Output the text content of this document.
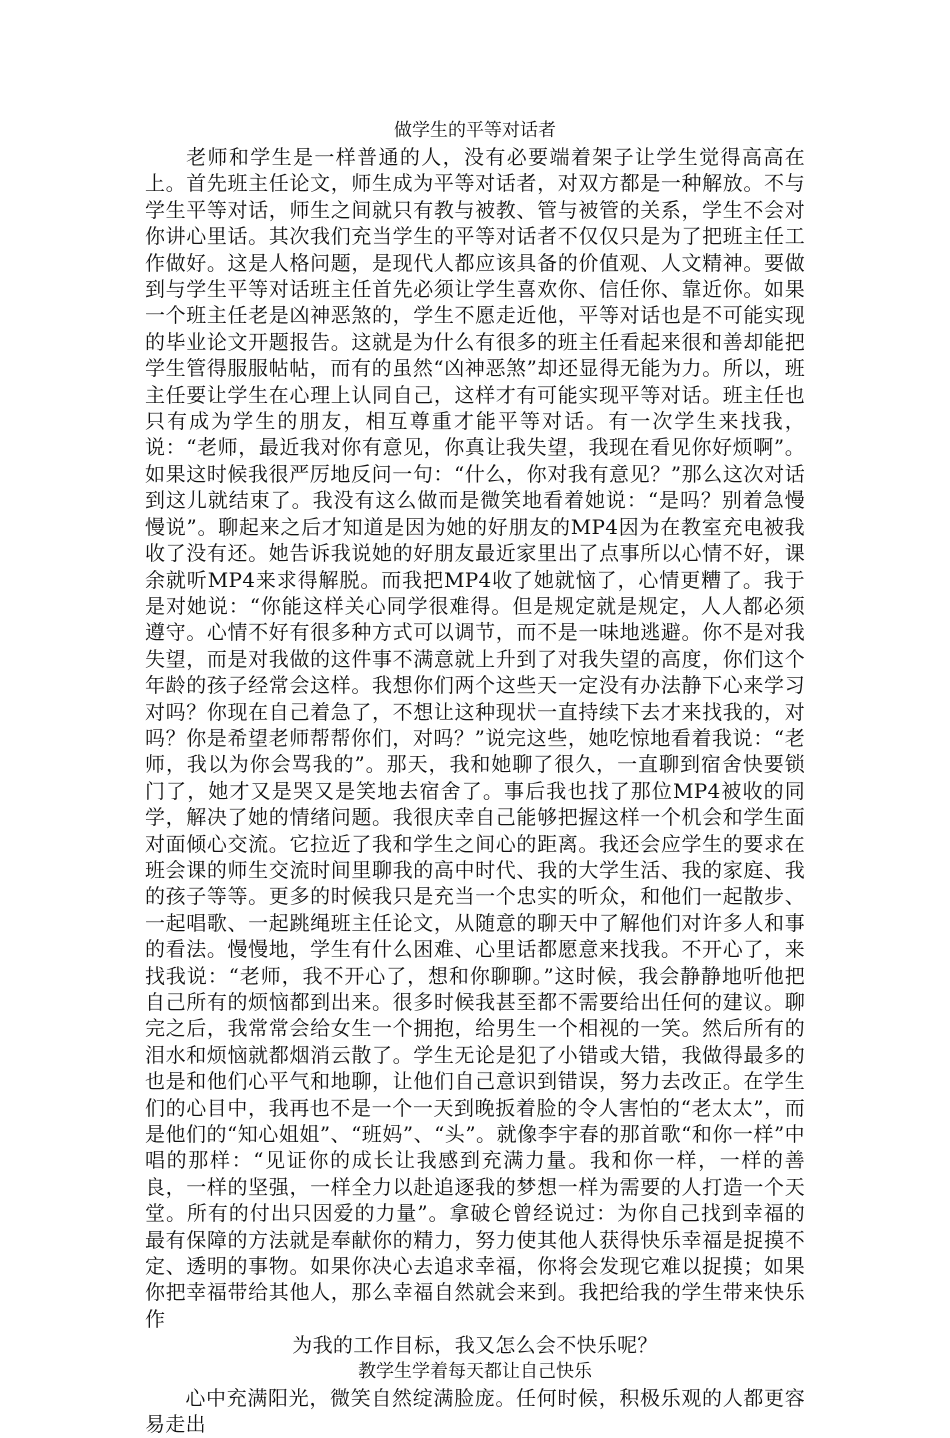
做学生的平等对话者

老师和学生是一样普通的人，没有必要端着架子让学生觉得高高在上。首先班主任论文，师生成为平等对话者，对双方都是一种解放。不与学生平等对话，师生之间就只有教与被教、管与被管的关系，学生不会对你讲心里话。其次我们充当学生的平等对话者不仅仅只是为了把班主任工作做好。这是人格问题，是现代人都应该具备的价值观、人文精神。要做到与学生平等对话班主任首先必须让学生喜欢你、信任你、靠近你。如果一个班主任老是凶神恶煞的，学生不愿走近他，平等对话也是不可能实现的毕业论文开题报告。这就是为什么有很多的班主任看起来很和善却能把学生管得服服帖帖，而有的虽然“凶神恶煞”却还显得无能为力。所以，班主任要让学生在心理上认同自己，这样才有可能实现平等对话。班主任也只有成为学生的朋友，相互尊重才能平等对话。有一次学生来找我，说：“老师，最近我对你有意见，你真让我失望，我现在看见你好烦啊”。如果这时候我很严厉地反问一句：“什么，你对我有意见？”那么这次对话到这儿就结束了。我没有这么做而是微笑地看着她说：“是吗？别着急慢慢说”。聊起来之后才知道是因为她的好朋友的MP4因为在教室充电被我收了没有还。她告诉我说她的好朋友最近家里出了点事所以心情不好，课余就听MP4来求得解脱。而我把MP4收了她就恼了，心情更糟了。我于是对她说：“你能这样关心同学很难得。但是规定就是规定，人人都必须遵守。心情不好有很多种方式可以调节，而不是一味地逃避。你不是对我失望，而是对我做的这件事不满意就上升到了对我失望的高度，你们这个年龄的孩子经常会这样。我想你们两个这些天一定没有办法静下心来学习对吗？你现在自己着急了，不想让这种现状一直持续下去才来找我的，对吗？你是希望老师帮帮你们，对吗？”说完这些，她吃惊地看着我说：“老师，我以为你会骂我的”。那天，我和她聊了很久，一直聊到宿舍快要锁门了，她才又是哭又是笑地去宿舍了。事后我也找了那位MP4被收的同学，解决了她的情绪问题。我很庆幸自己能够把握这样一个机会和学生面对面倾心交流。它拉近了我和学生之间心的距离。我还会应学生的要求在班会课的师生交流时间里聊我的高中时代、我的大学生活、我的家庭、我的孩子等等。更多的时候我只是充当一个忠实的听众，和他们一起散步、一起唱歌、一起跳绳班主任论文，从随意的聊天中了解他们对许多人和事的看法。慢慢地，学生有什么困难、心里话都愿意来找我。不开心了，来找我说：“老师，我不开心了，想和你聊聊。”这时候，我会静静地听他把自己所有的烦恼都到出来。很多时候我甚至都不需要给出任何的建议。聊完之后，我常常会给女生一个拥抱，给男生一个相视的一笑。然后所有的泪水和烦恼就都烟消云散了。学生无论是犯了小错或大错，我做得最多的也是和他们心平气和地聊，让他们自己意识到错误，努力去改正。在学生们的心目中，我再也不是一个一天到晚扳着脸的令人害怕的“老太太”，而是他们的“知心姐姐”、“班妈”、“头”。就像李宇春的那首歌“和你一样”中唱的那样：“见证你的成长让我感到充满力量。我和你一样，一样的善良，一样的坚强，一样全力以赴追逐我的梦想一样为需要的人打造一个天堂。所有的付出只因爱的力量”。拿破仑曾经说过：为你自己找到幸福的最有保障的方法就是奉献你的精力，努力使其他人获得快乐幸福是捉摸不定、透明的事物。如果你决心去追求幸福，你将会发现它难以捉摸；如果你把幸福带给其他人，那么幸福自然就会来到。我把给我的学生带来快乐作
为我的工作目标，我又怎么会不快乐呢？

教学生学着每天都让自己快乐

心中充满阳光，微笑自然绽满脸庞。任何时候，积极乐观的人都更容易走出
